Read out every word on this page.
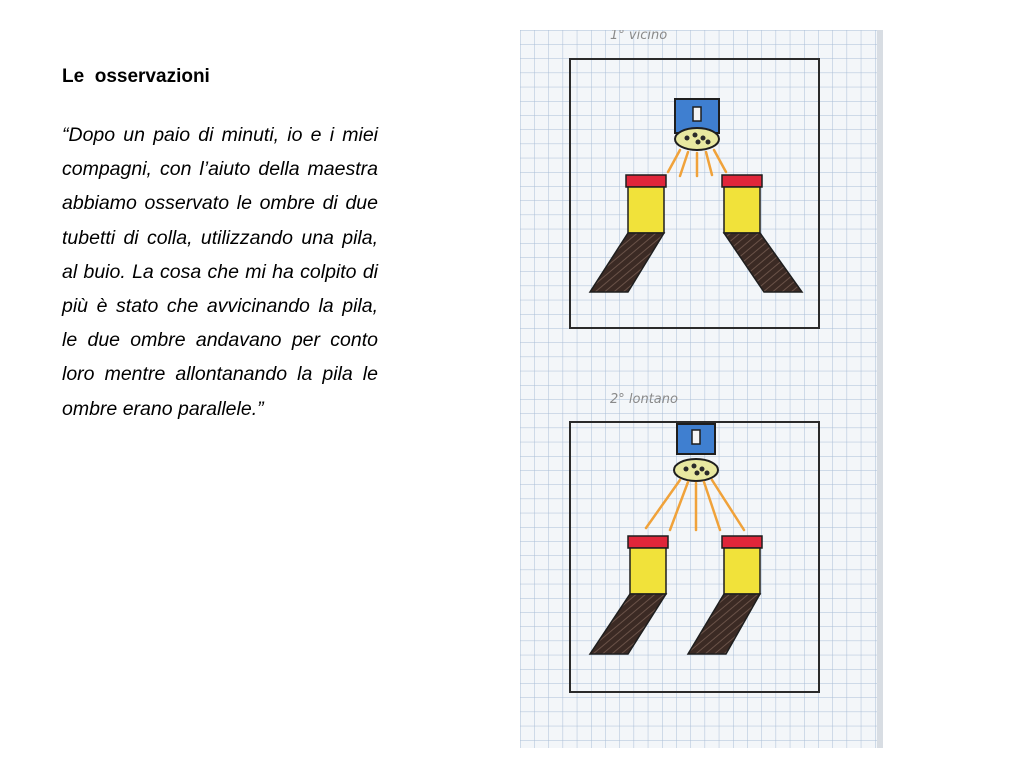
Le  osservazioni
“Dopo un paio di minuti, io e i miei compagni, con l’aiuto della maestra abbiamo osservato le ombre di due tubetti di colla, utilizzando una pila, al buio. La cosa che mi ha colpito di più è stato che avvicinando la pila, le due ombre andavano per conto loro mentre allontanando la pila le ombre erano parallele.”
1° vicino
2° lontano
